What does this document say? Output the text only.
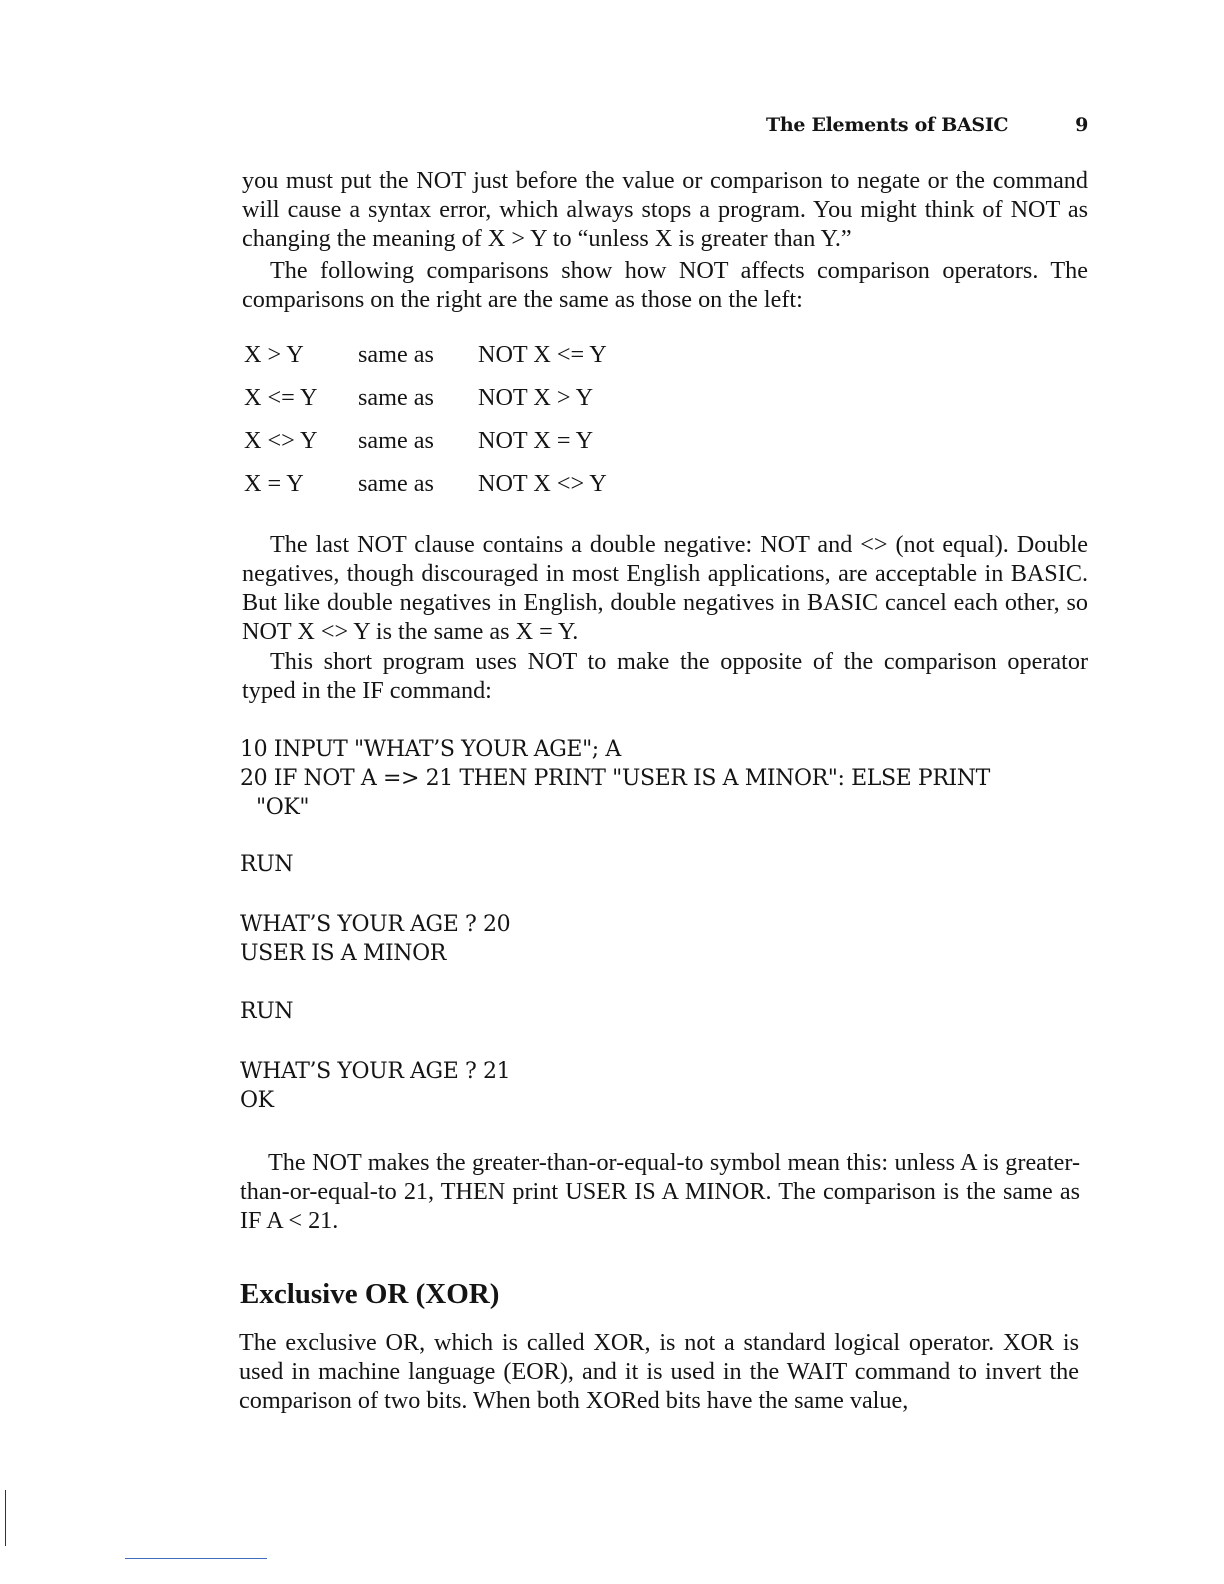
The Elements of BASIC	9

you must put the NOT just before the value or comparison to negate or the command will cause a syntax error, which always stops a program. You might think of NOT as changing the meaning of X > Y to “unless X is greater than Y.”

The following comparisons show how NOT affects comparison operators. The comparisons on the right are the same as those on the left:

X > Y same as NOT X <= Y
X <= Y same as NOT X > Y
X <> Y same as NOT X = Y
X = Y same as NOT X <> Y

The last NOT clause contains a double negative: NOT and <> (not equal). Double negatives, though discouraged in most English applications, are acceptable in BASIC. But like double negatives in English, double negatives in BASIC cancel each other, so NOT X <> Y is the same as X = Y.

This short program uses NOT to make the opposite of the comparison operator typed in the IF command:

10 INPUT "WHAT’S YOUR AGE"; A
20 IF NOT A => 21 THEN PRINT "USER IS A MINOR": ELSE PRINT
"OK"
RUN
WHAT’S YOUR AGE ? 20
USER IS A MINOR
RUN
WHAT’S YOUR AGE ? 21
OK

The NOT makes the greater-than-or-equal-to symbol mean this: unless A is greater-than-or-equal-to 21, THEN print USER IS A MINOR. The comparison is the same as IF A < 21.

Exclusive OR (XOR)

The exclusive OR, which is called XOR, is not a standard logical operator. XOR is used in machine language (EOR), and it is used in the WAIT command to invert the comparison of two bits. When both XORed bits have the same value,
